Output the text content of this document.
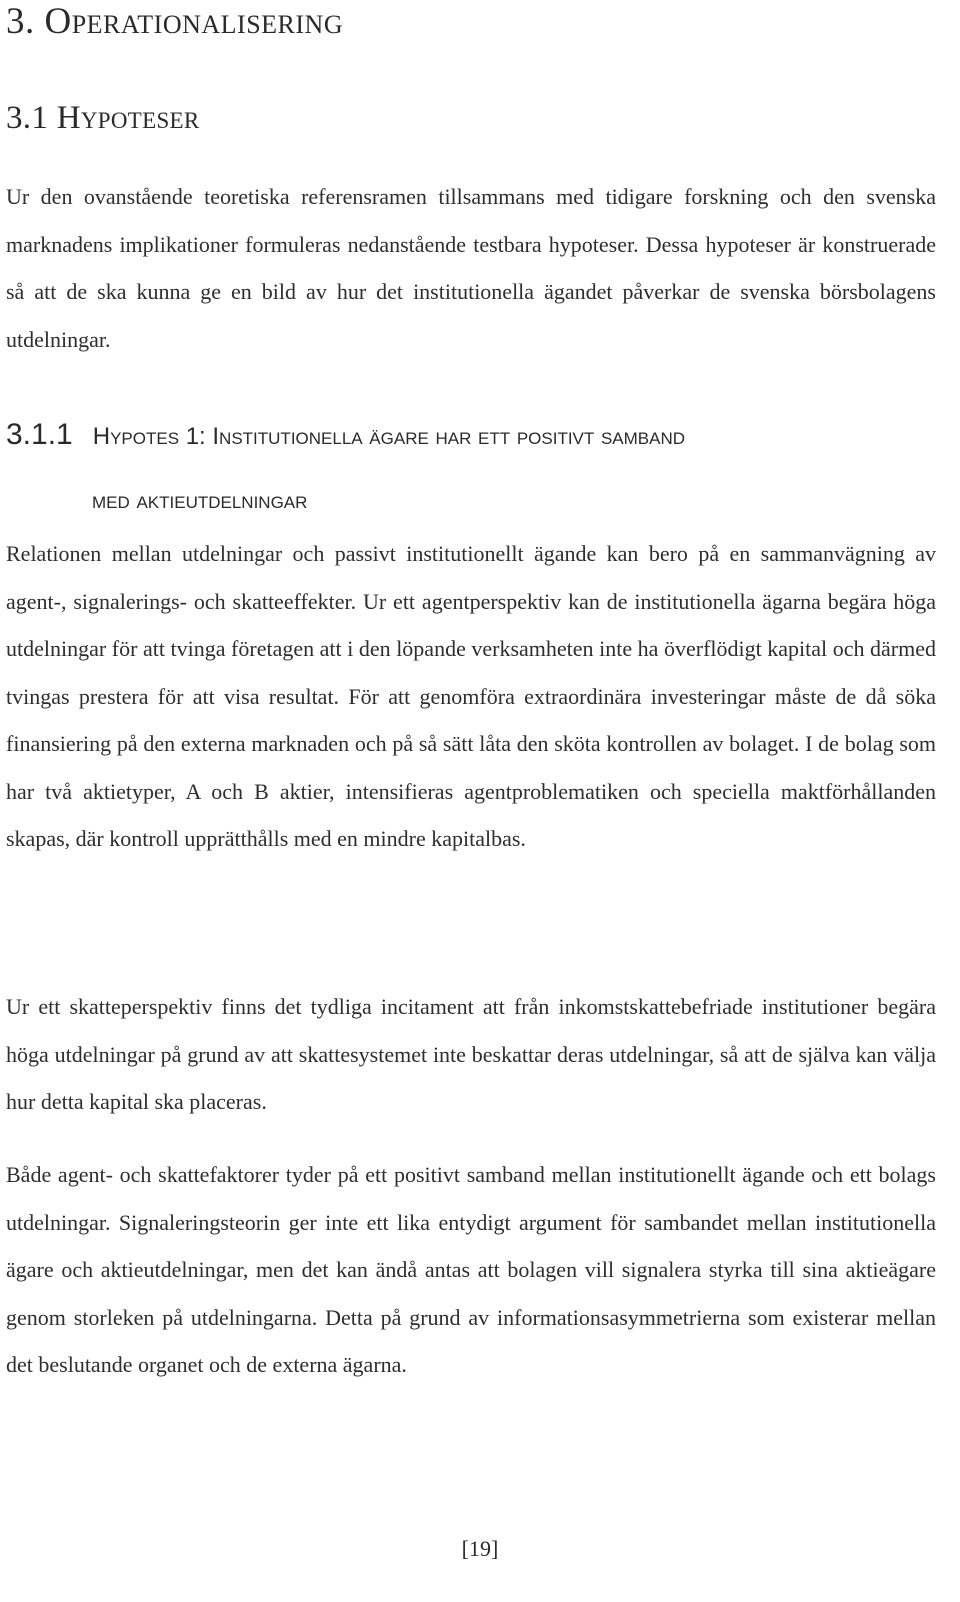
3. Operationalisering
3.1 Hypoteser

Ur den ovanstående teoretiska referensramen tillsammans med tidigare forskning och den svenska marknadens implikationer formuleras nedanstående testbara hypoteser. Dessa hypoteser är konstruerade så att de ska kunna ge en bild av hur det institutionella ägandet påverkar de svenska börsbolagens utdelningar.

3.1.1 Hypotes 1: Institutionella ägare har ett positivt samband
med aktieutdelningar

Relationen mellan utdelningar och passivt institutionellt ägande kan bero på en sammanvägning av agent-, signalerings- och skatteeffekter. Ur ett agentperspektiv kan de institutionella ägarna begära höga utdelningar för att tvinga företagen att i den löpande verksamheten inte ha överflödigt kapital och därmed tvingas prestera för att visa resultat. För att genomföra extraordinära investeringar måste de då söka finansiering på den externa marknaden och på så sätt låta den sköta kontrollen av bolaget. I de bolag som har två aktietyper, A och B aktier, intensifieras agentproblematiken och speciella maktförhållanden skapas, där kontroll upprätthålls med en mindre kapitalbas.

Ur ett skatteperspektiv finns det tydliga incitament att från inkomstskattebefriade institutioner begära höga utdelningar på grund av att skattesystemet inte beskattar deras utdelningar, så att de själva kan välja hur detta kapital ska placeras.

Både agent- och skattefaktorer tyder på ett positivt samband mellan institutionellt ägande och ett bolags utdelningar. Signaleringsteorin ger inte ett lika entydigt argument för sambandet mellan institutionella ägare och aktieutdelningar, men det kan ändå antas att bolagen vill signalera styrka till sina aktieägare genom storleken på utdelningarna. Detta på grund av informationsasymmetrierna som existerar mellan det beslutande organet och de externa ägarna.

[19]
